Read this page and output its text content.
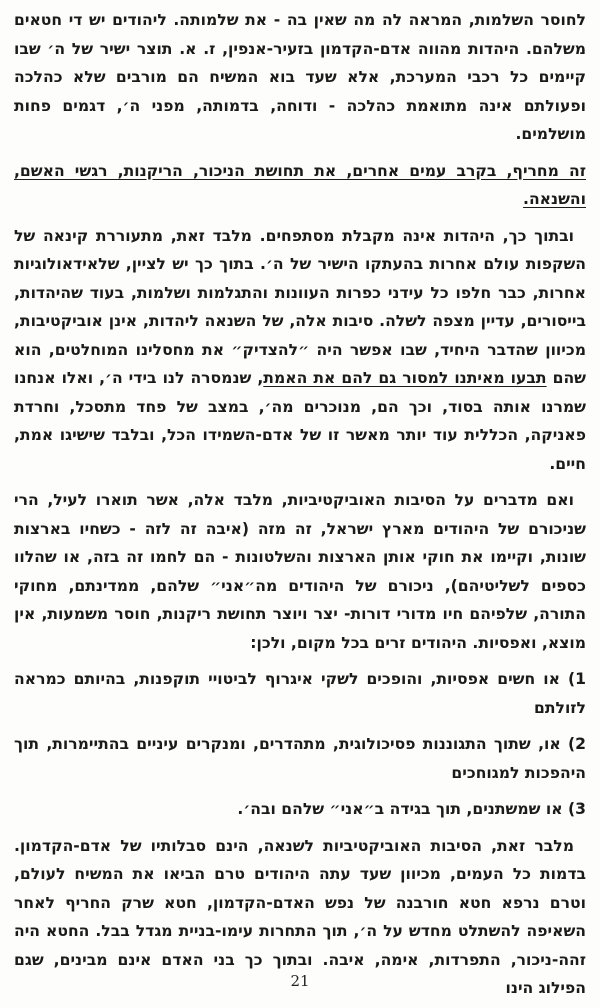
לחוסר השלמות, המראה לה מה שאין בה - את שלמותה. ליהודים יש די חטאים משלהם. היהדות מהווה אדם-הקדמון בזעיר-אנפין, ז. א. תוצר ישיר של ה׳ שבו קיימים כל רכבי המערכת, אלא שעד בוא המשיח הם מורבים שלא כהלכה ופעולתם אינה מתואמת כהלכה - ודוחה, בדמותה, מפני ה׳, דגמים פחות מושלמים.

זה מחריף, בקרב עמים אחרים, את תחושת הניכור, הריקנות, רגשי האשם, והשנאה.

ובתוך כך, היהדות אינה מקבלת מסתפחים. מלבד זאת, מתעוררת קינאה של השקפות עולם אחרות בהעתקו הישיר של ה׳. בתוך כך יש לציין, שלאידאולוגיות אחרות, כבר חלפו כל עידני כפרות העוונות והתגלמות ושלמות, בעוד שהיהדות, בייסורים, עדיין מצפה לשלה. סיבות אלה, של השנאה ליהדות, אינן אוביקטיבות, מכיוון שהדבר היחיד, שבו אפשר היה ״להצדיק״ את מחסלינו המוחלטים, הוא שהם תבעו מאיתנו למסור גם להם את האמת, שנמסרה לנו בידי ה׳, ואלו אנחנו שמרנו אותה בסוד, וכך הם, מנוכרים מה׳, במצב של פחד מתסכל, וחרדת פאניקה, הכללית עוד יותר מאשר זו של אדם-השמידו הכל, ובלבד שישיגו אמת, חיים.

ואם מדברים על הסיבות האוביקטיביות, מלבד אלה, אשר תוארו לעיל, הרי שניכורם של היהודים מארץ ישראל, זה מזה (איבה זה לזה - כשחיו בארצות שונות, וקיימו את חוקי אותן הארצות והשלטונות - הם לחמו זה בזה, או שהלוו כספים לשליטיהם), ניכורם של היהודים מה״אני״ שלהם, ממדינתם, מחוקי התורה, שלפיהם חיו מדורי דורות- יצר ויוצר תחושת ריקנות, חוסר משמעות, אין מוצא, ואפסיות. היהודים זרים בכל מקום, ולכן:

1) או חשים אפסיות, והופכים לשקי איגרוף לביטויי תוקפנות, בהיותם כמראה לזולתם

2) או, שתוך התגוננות פסיכולוגית, מתהדרים, ומנקרים עיניים בהתיימרות, תוך היהפכות למגוחכים

3) או שמשתנים, תוך בגידה ב״אני״ שלהם ובה׳.

מלבר זאת, הסיבות האוביקטיביות לשנאה, הינם סבלותיו של אדם-הקדמון. בדמות כל העמים, מכיוון שעד עתה היהודים טרם הביאו את המשיח לעולם, וטרם נרפא חטא חורבנה של נפש האדם-הקדמון, חטא שרק החריף לאחר השאיפה להשתלט מחדש על ה׳, תוך התחרות עימו-בניית מגדל בבל. החטא היה זהה-ניכור, התפרדות, אימה, איבה. ובתוך כך בני האדם אינם מבינים, שגם הפילוג הינו

21
